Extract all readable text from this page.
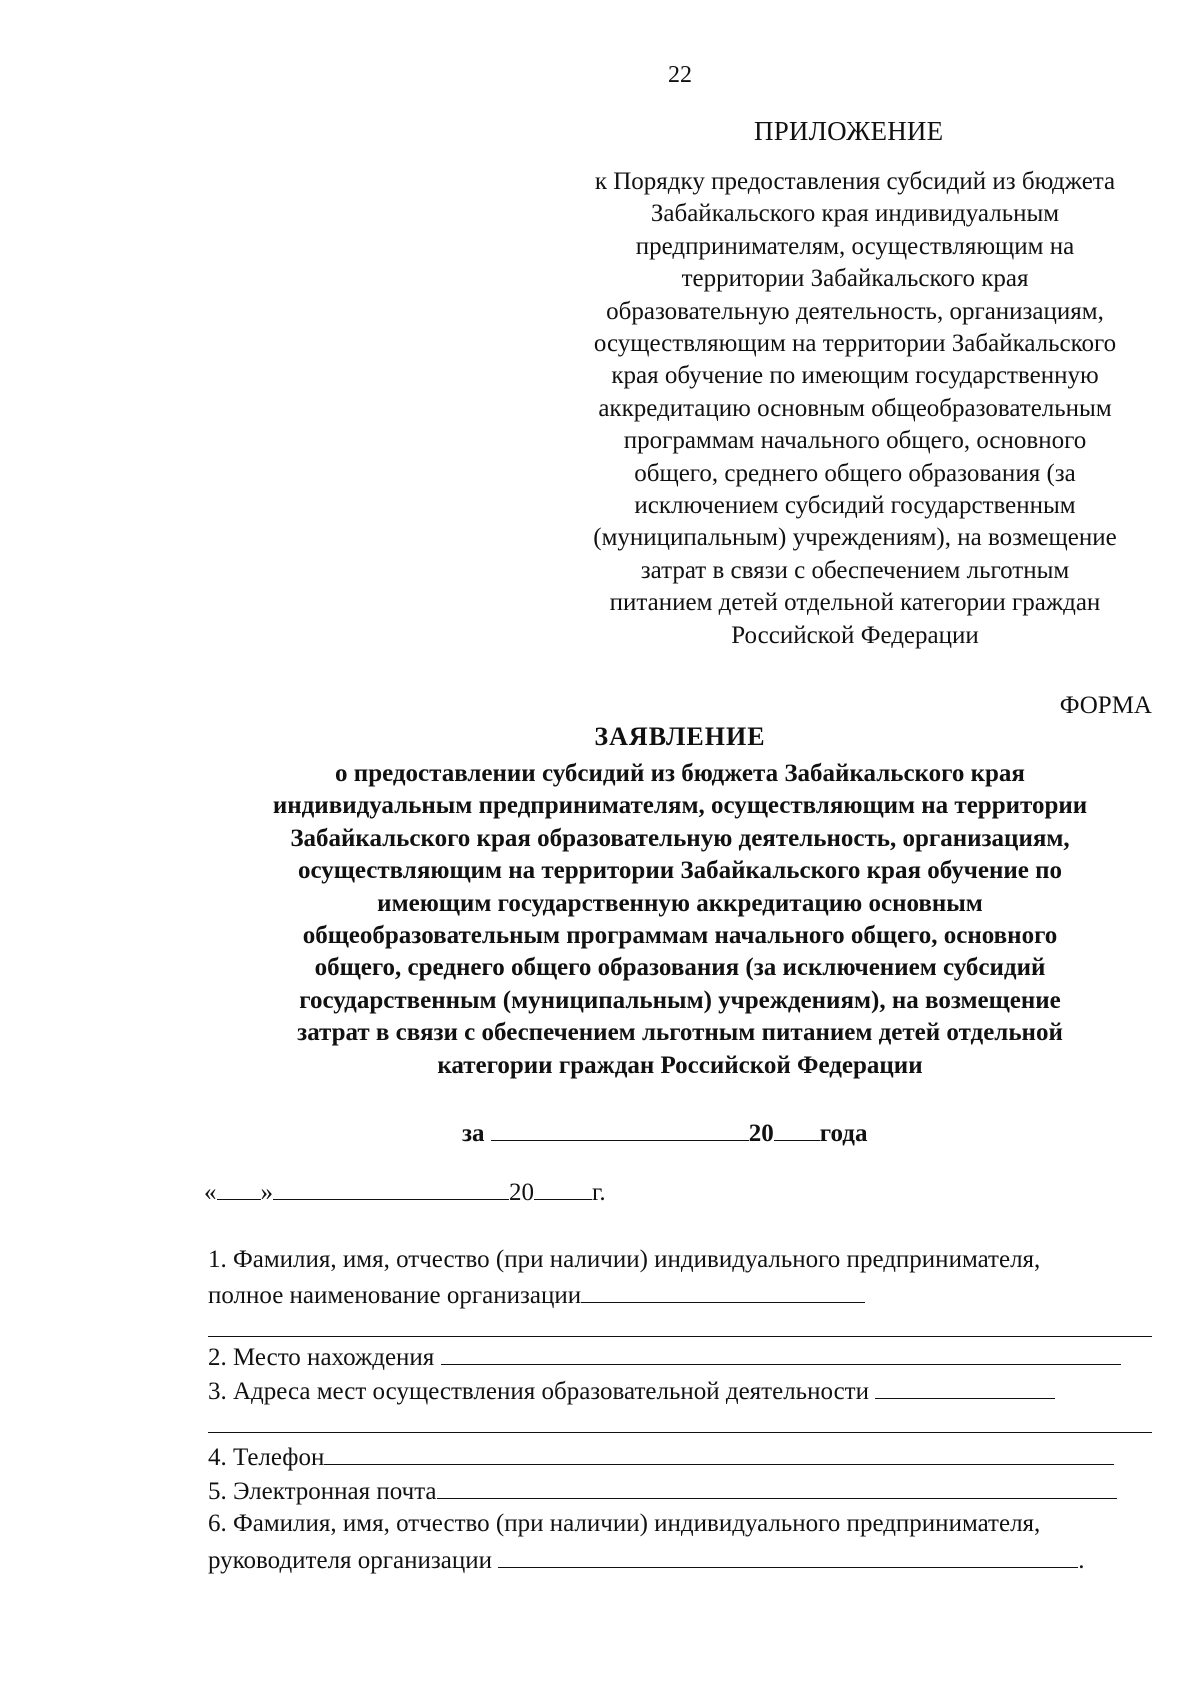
22
ПРИЛОЖЕНИЕ
к Порядку предоставления субсидий из бюджета
Забайкальского края индивидуальным
предпринимателям, осуществляющим на
территории Забайкальского края
образовательную деятельность, организациям,
осуществляющим на территории Забайкальского
края обучение по имеющим государственную
аккредитацию основным общеобразовательным
программам начального общего, основного
общего, среднего общего образования (за
исключением субсидий государственным
(муниципальным) учреждениям), на возмещение
затрат в связи с обеспечением льготным
питанием детей отдельной категории граждан
Российской Федерации
ФОРМА
ЗАЯВЛЕНИЕ
о предоставлении субсидий из бюджета Забайкальского края
индивидуальным предпринимателям, осуществляющим на территории
Забайкальского края образовательную деятельность, организациям,
осуществляющим на территории Забайкальского края обучение по
имеющим государственную аккредитацию основным
общеобразовательным программам начального общего, основного
общего, среднего общего образования (за исключением субсидий
государственным (муниципальным) учреждениям), на возмещение
затрат в связи с обеспечением льготным питанием детей отдельной
категории граждан Российской Федерации
за	20 года
« »	20 г.
1. Фамилия, имя, отчество (при наличии) индивидуального предпринимателя,
полное наименование организации
2. Место нахождения
3. Адреса мест осуществления образовательной деятельности
4. Телефон
5. Электронная почта
6. Фамилия, имя, отчество (при наличии) индивидуального предпринимателя,
руководителя организации	.
